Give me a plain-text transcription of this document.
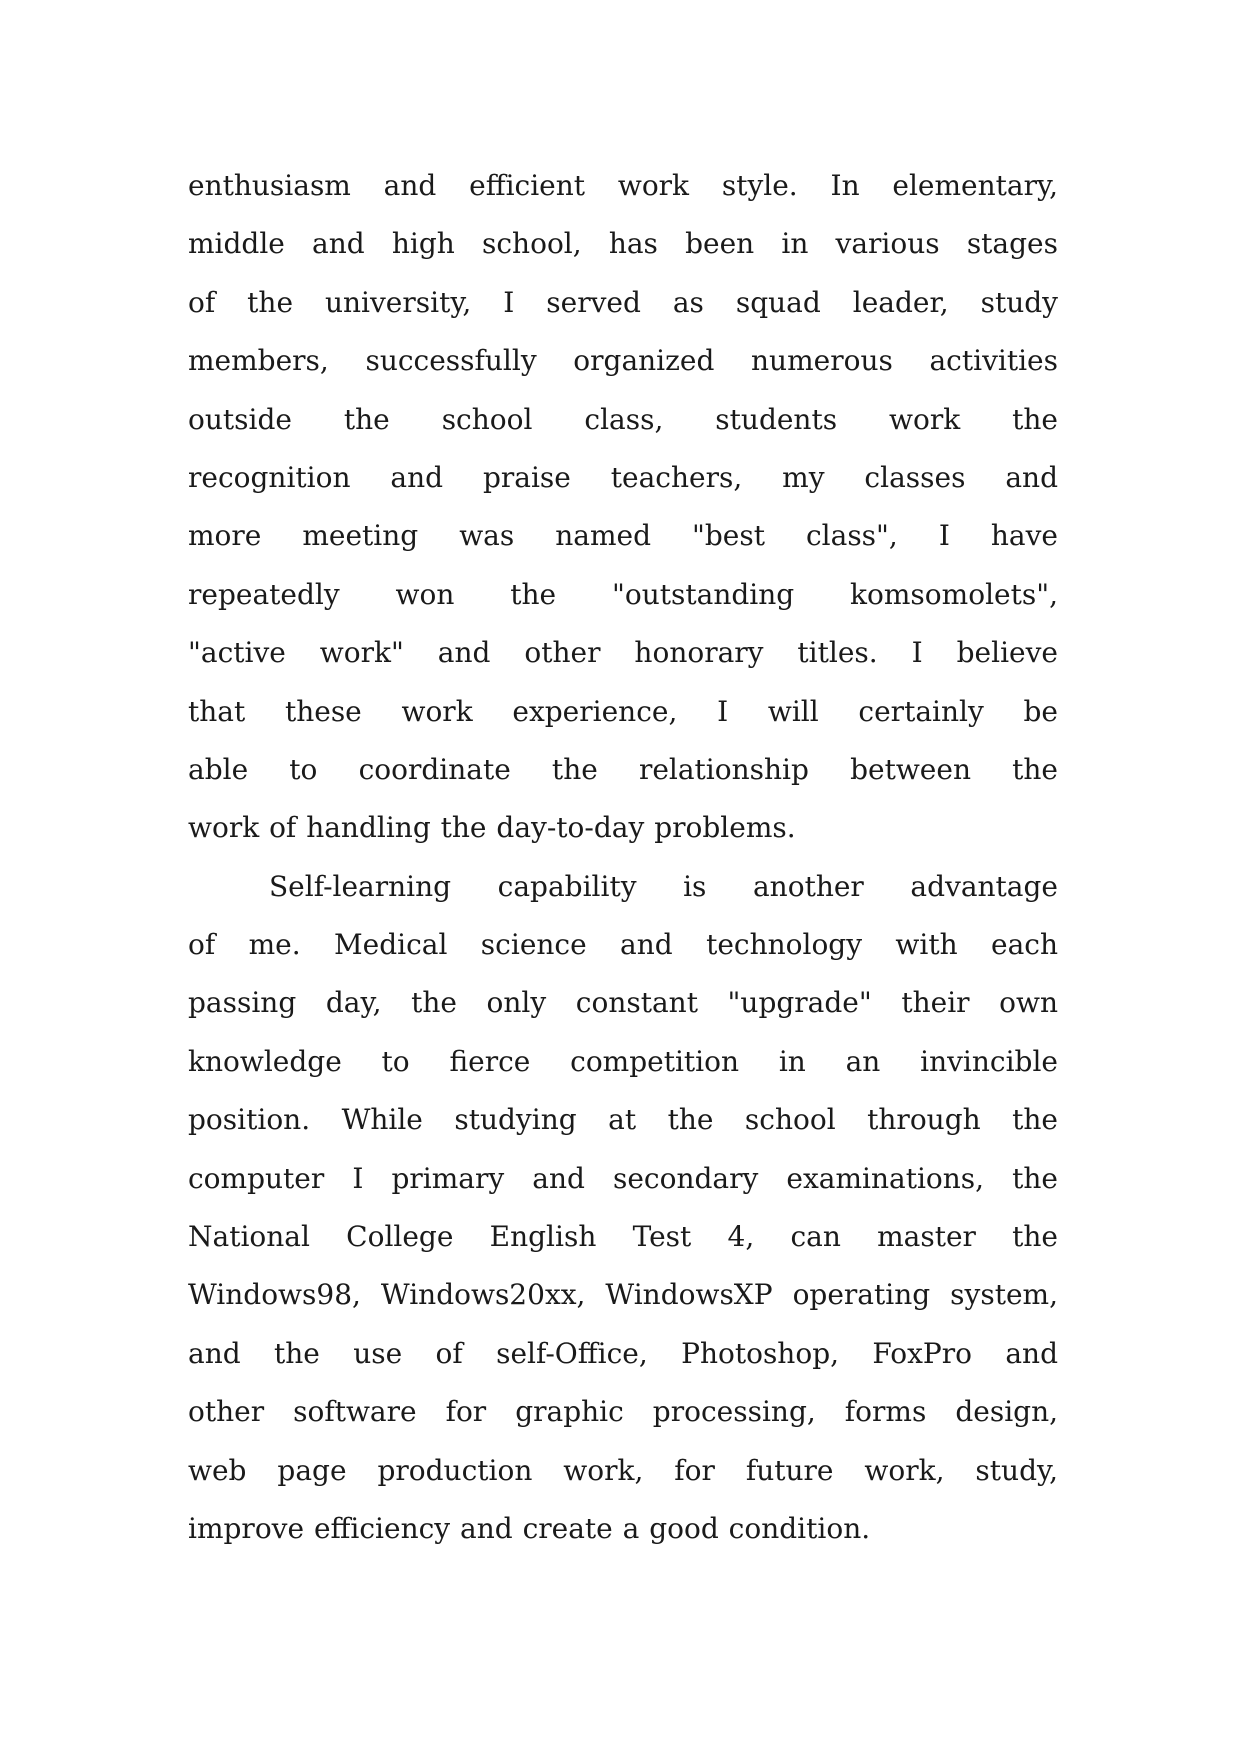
enthusiasm and efficient work style. In elementary,
middle and high school, has been in various stages
of the university, I served as squad leader, study
members, successfully organized numerous activities
outside the school class, students work the
recognition and praise teachers, my classes and
more meeting was named "best class", I have
repeatedly won the "outstanding komsomolets",
"active work" and other honorary titles. I believe
that these work experience, I will certainly be
able to coordinate the relationship between the
work of handling the day-to-day problems.
Self-learning capability is another advantage
of me. Medical science and technology with each
passing day, the only constant "upgrade" their own
knowledge to fierce competition in an invincible
position. While studying at the school through the
computer I primary and secondary examinations, the
National College English Test 4, can master the
Windows98, Windows20xx, WindowsXP operating system,
and the use of self-Office, Photoshop, FoxPro and
other software for graphic processing, forms design,
web page production work, for future work, study,
improve efficiency and create a good condition.
